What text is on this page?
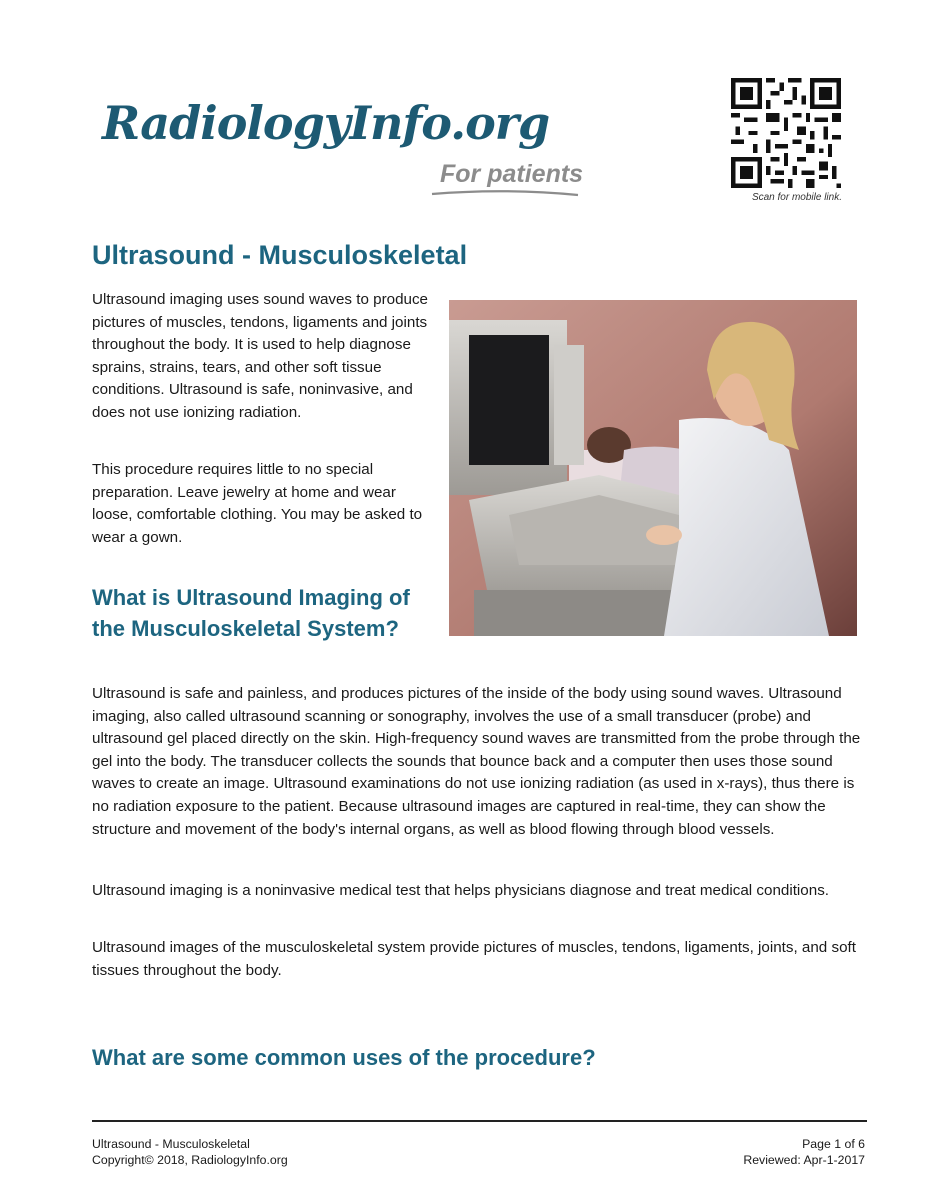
RadiologyInfo.org
For patients
Scan for mobile link.
Ultrasound - Musculoskeletal

Ultrasound imaging uses sound waves to produce pictures of muscles, tendons, ligaments and joints throughout the body. It is used to help diagnose sprains, strains, tears, and other soft tissue conditions. Ultrasound is safe, noninvasive, and does not use ionizing radiation.

This procedure requires little to no special preparation. Leave jewelry at home and wear loose, comfortable clothing. You may be asked to wear a gown.

What is Ultrasound Imaging of the Musculoskeletal System?

Ultrasound is safe and painless, and produces pictures of the inside of the body using sound waves. Ultrasound imaging, also called ultrasound scanning or sonography, involves the use of a small transducer (probe) and ultrasound gel placed directly on the skin. High-frequency sound waves are transmitted from the probe through the gel into the body. The transducer collects the sounds that bounce back and a computer then uses those sound waves to create an image. Ultrasound examinations do not use ionizing radiation (as used in x-rays), thus there is no radiation exposure to the patient. Because ultrasound images are captured in real-time, they can show the structure and movement of the body's internal organs, as well as blood flowing through blood vessels.

Ultrasound imaging is a noninvasive medical test that helps physicians diagnose and treat medical conditions.

Ultrasound images of the musculoskeletal system provide pictures of muscles, tendons, ligaments, joints, and soft tissues throughout the body.

What are some common uses of the procedure?
Ultrasound - Musculoskeletal
Copyright© 2018, RadiologyInfo.org
Page 1 of 6
Reviewed: Apr-1-2017
